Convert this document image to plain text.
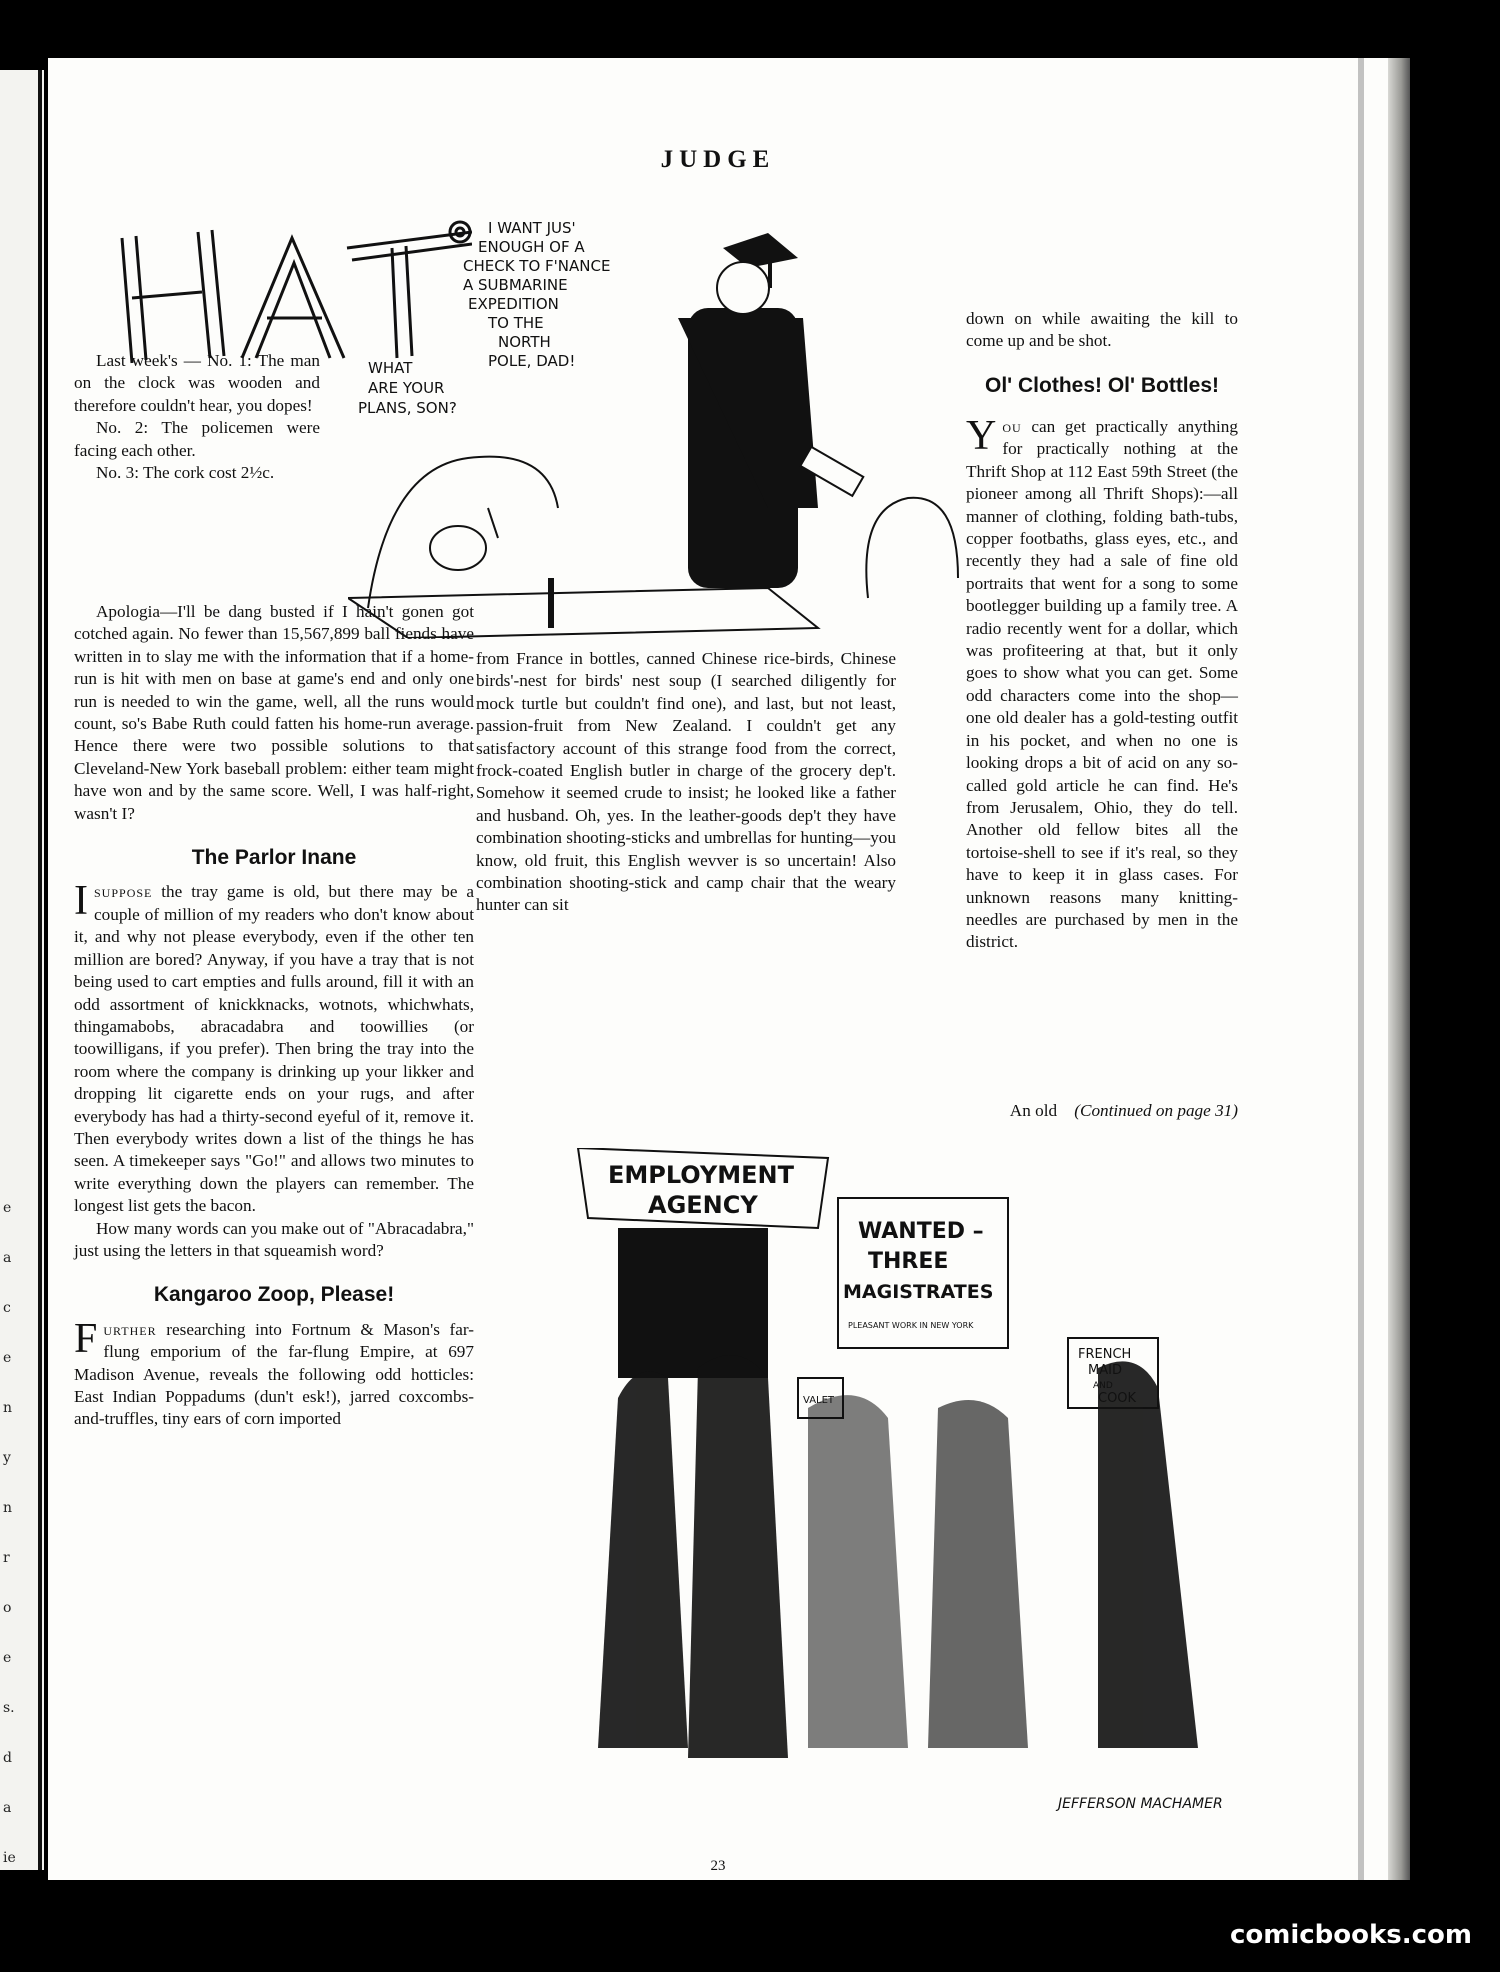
e
a
c
e
n
y
n
r
o
e
s.
d
a
ie
JUDGE

Last week's — No. 1: The man on the clock was wooden and therefore couldn't hear, you dopes!

No. 2: The policemen were facing each other.

No. 3: The cork cost 2½c.

Apologia—I'll be dang busted if I hain't gonen got cotched again. No fewer than 15,567,899 ball fiends have written in to slay me with the information that if a home-run is hit with men on base at game's end and only one run is needed to win the game, well, all the runs would count, so's Babe Ruth could fatten his home-run average. Hence there were two possible solutions to that Cleveland-New York baseball problem: either team might have won and by the same score. Well, I was half-right, wasn't I?

The Parlor Inane

Isuppose the tray game is old, but there may be a couple of million of my readers who don't know about it, and why not please everybody, even if the other ten million are bored? Anyway, if you have a tray that is not being used to cart empties and fulls around, fill it with an odd assortment of knickknacks, wotnots, whichwhats, thingamabobs, abracadabra and toowillies (or toowilligans, if you prefer). Then bring the tray into the room where the company is drinking up your likker and dropping lit cigarette ends on your rugs, and after everybody has had a thirty-second eyeful of it, remove it. Then everybody writes down a list of the things he has seen. A timekeeper says "Go!" and allows two minutes to write everything down the players can remember. The longest list gets the bacon.

How many words can you make out of "Abracadabra," just using the letters in that squeamish word?

Kangaroo Zoop, Please!

Further researching into Fortnum & Mason's far-flung emporium of the far-flung Empire, at 697 Madison Avenue, reveals the following odd hotticles: East Indian Poppadums (dun't esk!), jarred coxcombs-and-truffles, tiny ears of corn imported

from France in bottles, canned Chinese rice-birds, Chinese birds'-nest for birds' nest soup (I searched diligently for mock turtle but couldn't find one), and last, but not least, passion-fruit from New Zealand. I couldn't get any satisfactory account of this strange food from the correct, frock-coated English butler in charge of the grocery dep't. Somehow it seemed crude to insist; he looked like a father and husband. Oh, yes. In the leather-goods dep't they have combination shooting-sticks and umbrellas for hunting—you know, old fruit, this English wevver is so uncertain! Also combination shooting-stick and camp chair that the weary hunter can sit

down on while awaiting the kill to come up and be shot.

Ol' Clothes! Ol' Bottles!

You can get practically anything for practically nothing at the Thrift Shop at 112 East 59th Street (the pioneer among all Thrift Shops):—all manner of clothing, folding bath-tubs, copper footbaths, glass eyes, etc., and recently they had a sale of fine old portraits that went for a song to some bootlegger building up a family tree. A radio recently went for a dollar, which was profiteering at that, but it only goes to show what you can get. Some odd characters come into the shop—one old dealer has a gold-testing outfit in his pocket, and when no one is looking drops a bit of acid on any so-called gold article he can find. He's from Jerusalem, Ohio, they do tell. Another old fellow bites all the tortoise-shell to see if it's real, so they have to keep it in glass cases. For unknown reasons many knitting-needles are purchased by men in the district.

An old (Continued on page 31)
WHAT ARE YOUR PLANS, SON?
I WANT JUS' ENOUGH OF A CHECK TO F'NANCE A SUBMARINE EXPEDITION TO THE NORTH POLE, DAD!
EMPLOYMENT AGENCY
WANTED – THREE MAGISTRATES
PLEASANT WORK IN NEW YORK
FRENCH MAID AND COOK
VALET
JEFFERSON MACHAMER
23
comicbooks.com
